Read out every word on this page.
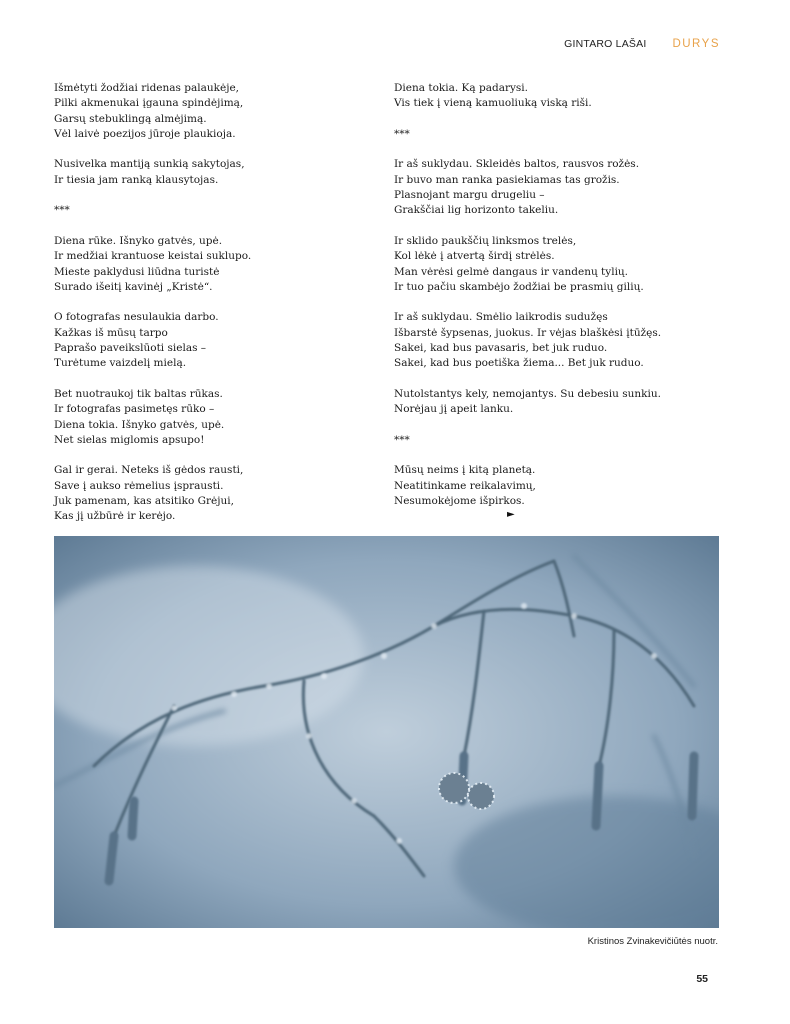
GINTARO LAŠAI DURYS
Išmėtyti žodžiai ridenas palaukėje,
Pilki akmenukai įgauna spindėjimą,
Garsų stebuklingą almėjimą.
Vėl laivė poezijos jūroje plaukioja.
Nusivelka mantiją sunkią sakytojas,
Ir tiesia jam ranką klausytojas.
***
Diena rūke. Išnyko gatvės, upė.
Ir medžiai krantuose keistai suklupo.
Mieste paklydusi liūdna turistė
Surado išeitį kavinėj „Kristė“.
O fotografas nesulaukia darbo.
Kažkas iš mūsų tarpo
Paprašo paveikslūoti sielas –
Turėtume vaizdelį mielą.
Bet nuotraukoj tik baltas rūkas.
Ir fotografas pasimetęs rūko –
Diena tokia. Išnyko gatvės, upė.
Net sielas miglomis apsupo!
Gal ir gerai. Neteks iš gėdos rausti,
Save į aukso rėmelius įsprausti.
Juk pamenam, kas atsitiko Grėjui,
Kas jį užbūrė ir kerėjo.
Diena tokia. Ką padarysi.
Vis tiek į vieną kamuoliuką viską riši.
***
Ir aš suklydau. Skleidės baltos, rausvos rožės.
Ir buvo man ranka pasiekiamas tas grožis.
Plasnojant margu drugeliu –
Grakščiai lig horizonto takeliu.
Ir sklido paukščių linksmos trelės,
Kol lėkė į atvertą širdį strėlės.
Man vėrėsi gelmė dangaus ir vandenų tylių.
Ir tuo pačiu skambėjo žodžiai be prasmių gilių.
Ir aš suklydau. Smėlio laikrodis sudužęs
Išbarstė šypsenas, juokus. Ir vėjas blaškėsi įtūžęs.
Sakei, kad bus pavasaris, bet juk ruduo.
Sakei, kad bus poetiška žiema... Bet juk ruduo.
Nutolstantys kely, nemojantys. Su debesiu sunkiu.
Norėjau jį apeit lanku.
***
Mūsų neims į kitą planetą.
Neatitinkame reikalavimų,
Nesumokėjome išpirkos.
►
Kristinos Zvinakevičiūtės nuotr.
55
